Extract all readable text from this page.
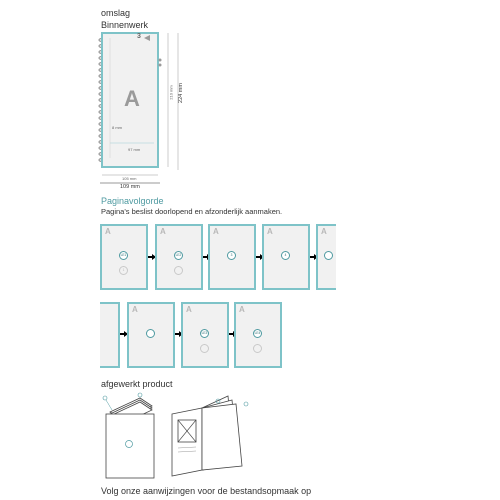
omslag
Binnenwerk
A
3
8 mm
97 mm
210 mm 224 mm
105 mm
109 mm
Paginavolgorde
Pagina's beslist doorlopend en afzonderlijk aanmaken.
A
LE1
1
A
LE2
A
3
A
4
A
A	A
LE3
A
LE4
afgewerkt product
Volg onze aanwijzingen voor de bestandsopmaak op
